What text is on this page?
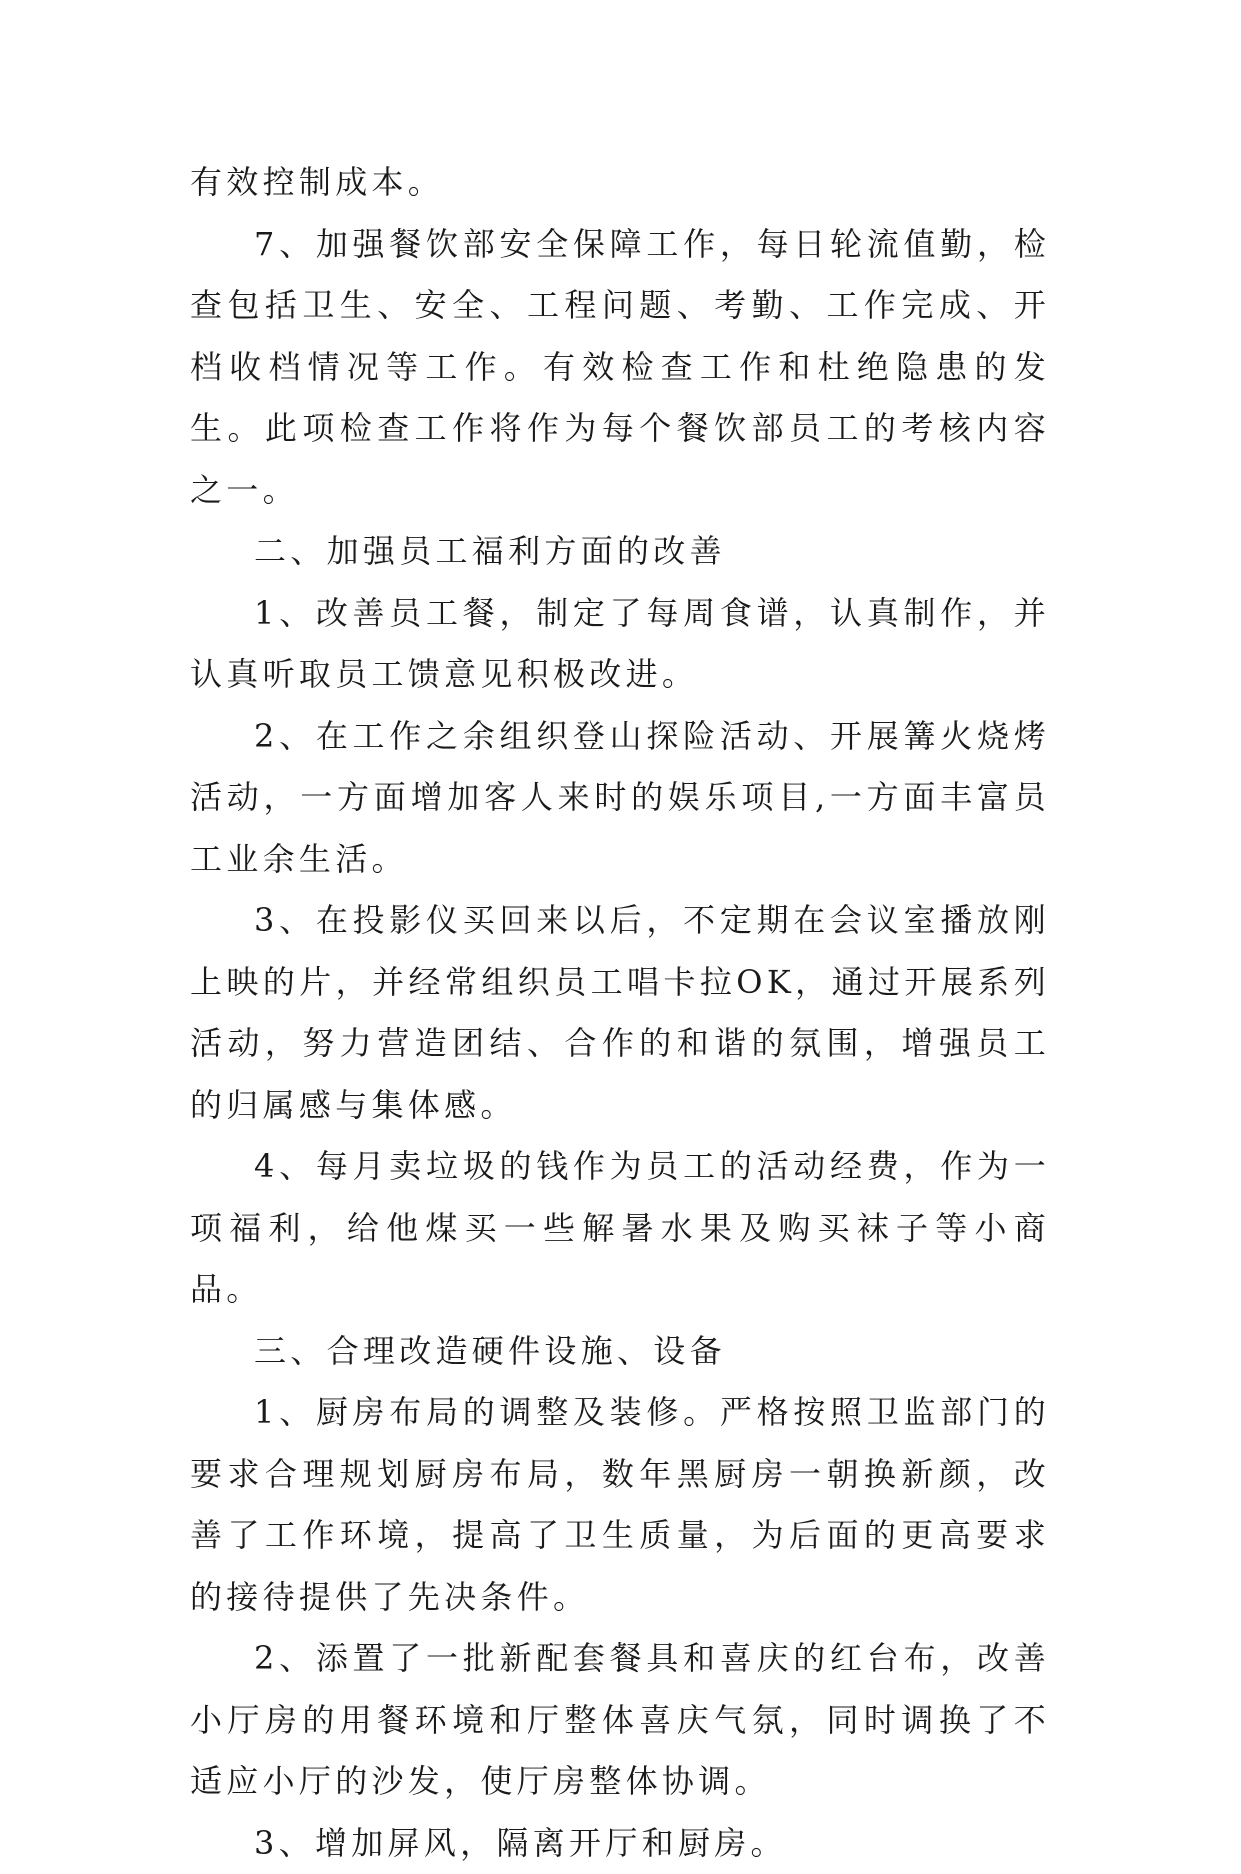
有效控制成本。

7、加强餐饮部安全保障工作，每日轮流值勤，检查包括卫生、安全、工程问题、考勤、工作完成、开档收档情况等工作。有效检查工作和杜绝隐患的发生。此项检查工作将作为每个餐饮部员工的考核内容之一。

二、加强员工福利方面的改善

1、改善员工餐，制定了每周食谱，认真制作，并认真听取员工馈意见积极改进。

2、在工作之余组织登山探险活动、开展篝火烧烤活动，一方面增加客人来时的娱乐项目,一方面丰富员工业余生活。

3、在投影仪买回来以后，不定期在会议室播放刚上映的片，并经常组织员工唱卡拉OK，通过开展系列活动，努力营造团结、合作的和谐的氛围，增强员工的归属感与集体感。

4、每月卖垃圾的钱作为员工的活动经费，作为一项福利，给他煤买一些解暑水果及购买袜子等小商品。

三、合理改造硬件设施、设备

1、厨房布局的调整及装修。严格按照卫监部门的要求合理规划厨房布局，数年黑厨房一朝换新颜，改善了工作环境，提高了卫生质量，为后面的更高要求的接待提供了先决条件。

2、添置了一批新配套餐具和喜庆的红台布，改善小厅房的用餐环境和厅整体喜庆气氛，同时调换了不适应小厅的沙发，使厅房整体协调。

3、增加屏风，隔离开厅和厨房。
